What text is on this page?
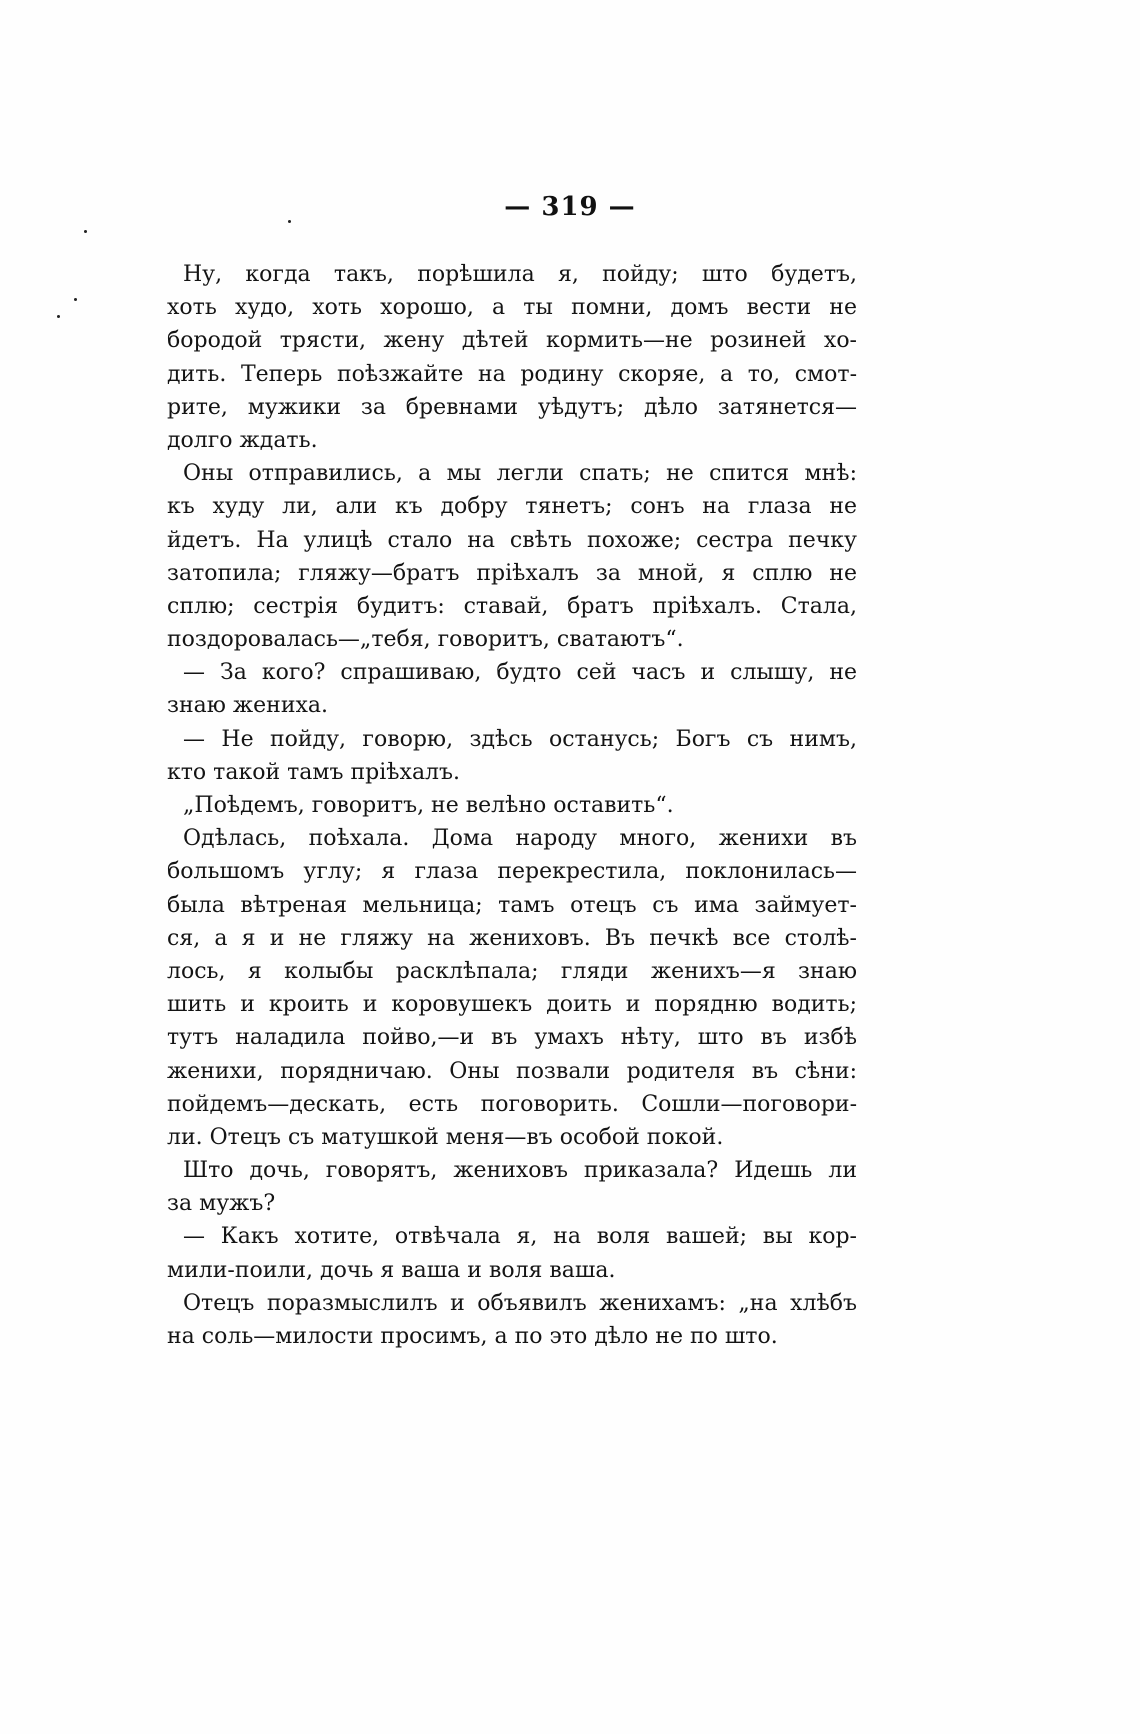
— 319 —
Ну, когда такъ, порѣшила я, пойду; што будетъ,
хоть худо, хоть хорошо, а ты помни, домъ вести не
бородой трясти, жену дѣтей кормить—не розиней хо-
дить. Теперь поѣзжайте на родину скоряе, а то, смот-
рите, мужики за бревнами уѣдутъ; дѣло затянется—
долго ждать.
Оны отправились, а мы легли спать; не спится мнѣ:
къ худу ли, али къ добру тянетъ; сонъ на глаза не
йдетъ. На улицѣ стало на свѣть похоже; сестра печку
затопила; гляжу—братъ пріѣхалъ за мной, я сплю не
сплю; сестрія будитъ: ставай, братъ пріѣхалъ. Стала,
поздоровалась—„тебя, говоритъ, сватаютъ“.
— За кого? спрашиваю, будто сей часъ и слышу, не
знаю жениха.
— Не пойду, говорю, здѣсь останусь; Богъ съ нимъ,
кто такой тамъ пріѣхалъ.
„Поѣдемъ, говоритъ, не велѣно оставить“.
Одѣлась, поѣхала. Дома народу много, женихи въ
большомъ углу; я глаза перекрестила, поклонилась—
была вѣтреная мельница; тамъ отецъ съ има займует-
ся, а я и не гляжу на жениховъ. Въ печкѣ все столѣ-
лось, я колыбы расклѣпала; гляди женихъ—я знаю
шить и кроить и коровушекъ доить и порядню водить;
тутъ наладила пойво,—и въ умахъ нѣту, што въ избѣ
женихи, порядничаю. Оны позвали родителя въ сѣни:
пойдемъ—дескать, есть поговорить. Сошли—поговори-
ли. Отецъ съ матушкой меня—въ особой покой.
Што дочь, говорятъ, жениховъ приказала? Идешь ли
за мужъ?
— Какъ хотите, отвѣчала я, на воля вашей; вы кор-
мили-поили, дочь я ваша и воля ваша.
Отецъ поразмыслилъ и объявилъ женихамъ: „на хлѣбъ
на соль—милости просимъ, а по это дѣло не по што.
